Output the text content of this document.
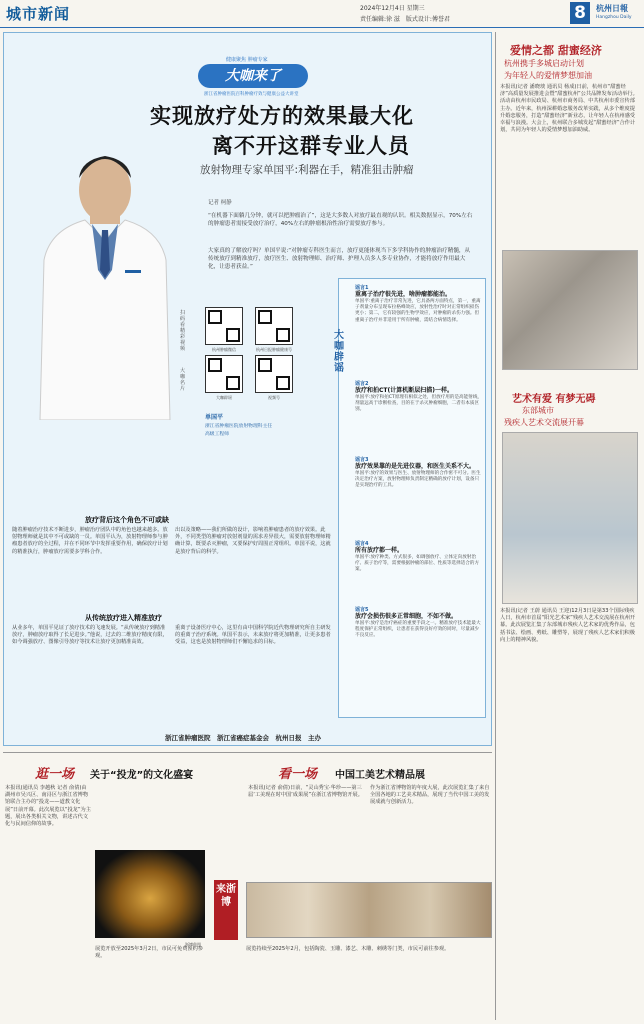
城市新闻	2024年12月4日 星期三
责任编辑:徐 滋　版式设计:傅誉君	8	杭州日報
Hangzhou Daily
健康聚焦 肿瘤专家
大咖来了
浙江省肿瘤医院百科肿瘤疗效与健康公益大讲堂
实现放疗处方的效果最大化
离不开这群专业人员
放射物理专家单国平:利器在手，精准狙击肿瘤
记者 柯静
“在机器下面躺几分钟，就可以把肿瘤治了”，这是大多数人对放疗最直观的认识。相关数据显示，70%左右的肿瘤患者需接受放疗治疗，40%左右的肿瘤根治性治疗需要放疗参与。
大家真的了解放疗吗？单国平说:“对肿瘤专科医生而言，放疗更能体现当下多学科协作的肿瘤治疗精髓，从传统放疗到精准放疗，放疗医生、放射物理师、治疗师、护理人员多人多专业协作，才能将放疗作用最大化，让患者获益。”
扫码看精彩视频
大咖名片
杭州肿瘤微信	杭州日报肿瘤健康号
大咖辟谣	视频号
单国平
浙江省肿瘤医院放射物理科主任
高级工程师
大咖辟谣
谣言1
重离子治疗很先进，啥肿瘤都能治。
单国平:重离子治疗非常先进，它具备两方面特点，第一，重离子剂量分布呈现布拉格峰效应，放射性治疗时对正常组织损伤更小；第二，它有较强的生物学效应，对肿瘤的杀伤力强。但重离子治疗并非适用于所有肿瘤，需结合病情选择。
谣言2
放疗和拍CT(计算机断层扫描)一样。
单国平:放疗和拍CT原理有相似之处，但放疗用的是高能射线，剂量远高于诊断检查，目的在于杀灭肿瘤细胞，二者有本质区别。
谣言3
放疗效果靠的是先进仪器，和医生关系不大。
单国平:放疗的效果与医生、放射物理师的合作密不可分。医生决定治疗方案，放射物理师负责制定精确的放疗计划，设备只是实现治疗的工具。
谣言4
所有放疗都一样。
单国平:放疗种类、方式很多，如调强放疗、立体定向放射治疗、质子治疗等，需要根据肿瘤的部位、性质等选择适合的方案。
谣言5
放疗会损伤很多正常细胞，不如不做。
单国平:放疗是治疗癌症的重要手段之一。精准放疗技术能最大程度保护正常组织，让患者在获得良好疗效的同时，尽量减少不良反应。
放疗背后这个角色不可或缺
随着肿瘤治疗技术不断进步，肿瘤治疗团队中的角色也越来越多。放射物理师就是其中不可或缺的一员。单国平认为，放射物理师参与肿瘤患者放疗的全过程，并在不同环节中发挥重要作用，确保放疗计划的精准执行，肿瘤放疗需要多学科合作。
出以及策略——我们所做的设计，影响着肿瘤患者的放疗效果。此外，不同类型的肿瘤对放射剂量的需求差异很大，需要放射物理师精确计算，既要杀灭肿瘤，又要保护好周围正常组织。单国平说，这就是放疗背后的科学。
从传统放疗进入精准放疗
从业多年，单国平见证了放疗技术的飞速发展。“从传统放疗到精准放疗，肿瘤放疗取得了长足进步。”他说，过去的二维放疗精度有限，如今调强放疗、图像引导放疗等技术让放疗更加精准高效。
重离子设备医疗中心，这里有由中国科学院近代物理研究所自主研发的重离子治疗系统。单国平表示，未来放疗将更加精准，让更多患者受益，这也是放射物理师们不懈追求的目标。
浙江省肿瘤医院　浙江省癌症基金会　杭州日报　主办
爱情之都 甜蜜经济
杭州携手多城启动计划
为年轻人的爱情梦想加油
本报讯(记者 潘晓琰 通讯员 杨成)日前，杭州市“甜蜜经济”高质量发展推进会暨“甜蜜杭州”公共品牌发布活动举行。活动由杭州市民政局、杭州市商务局、中共杭州市委宣传部主办。近年来，杭州深耕婚恋服务改革实践，从多个维度提升婚恋服务，打造“甜蜜经济”新业态，让年轻人在杭州感受幸福与浪漫。大会上，杭州联合多城发起“甜蜜经济”合作计划，共同为年轻人的爱情梦想加油助威。
艺术有爱 有梦无碍
东部城市
残疾人艺术交流展开幕
本报讯(记者 王蔚 通讯员 王迎)12月3日是第33个国际残疾人日，杭州市首届“阳光艺术家”残疾人艺术交流展在杭州开幕。此次展览汇集了东部城市残疾人艺术家的优秀作品，包括书法、绘画、剪纸、雕塑等，展现了残疾人艺术家们积极向上的精神风貌。
逛一场 关于“投龙”的文化盛宴
本报讯(通讯员 李越秋 记者 俞倩)由湖州市吴兴区、南浔区与浙江省博物馆联合主办的“投龙——道教文化展”日前开幕。此次展览以“投龙”为主题，展出各类相关文物，讲述古代文化与民间信仰的故事。
浙博供图
展览开放至2025年3月2日，市民可免费预约参观。
来浙博
看一场 中国工美艺术精品展
本报讯(记者 俞倩)日前，“灵山秀宝·华珍——第三届‘工美现在时中国’成果展”在浙江省博物馆开展。
作为浙江省博物馆的年度大展，此次展览汇集了来自全国各地的工艺美术精品，展现了当代中国工美的发展成就与创新活力。
展览持续至2025年2月，包括陶瓷、玉雕、漆艺、木雕、刺绣等门类，市民可前往参观。
